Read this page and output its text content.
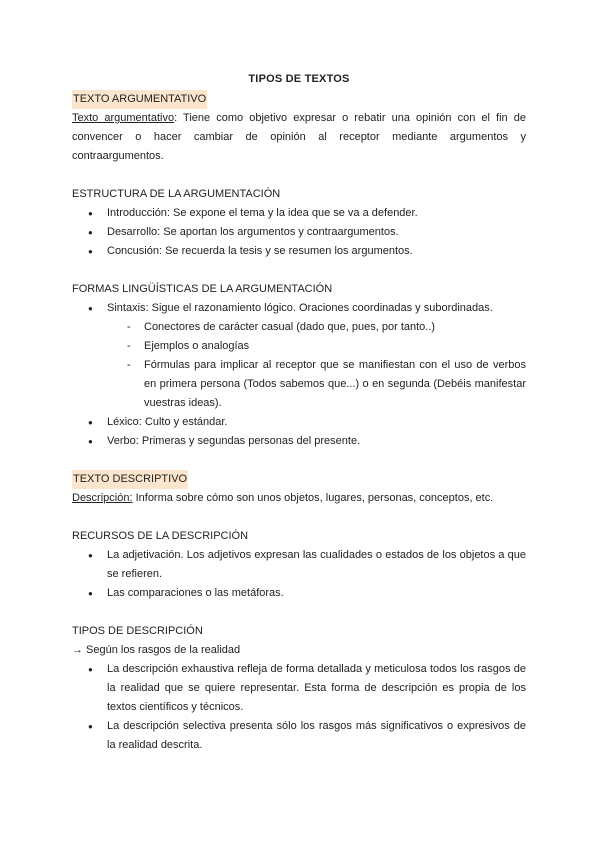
TIPOS DE TEXTOS

TEXTO ARGUMENTATIVO

Texto argumentativo: Tiene como objetivo expresar o rebatir una opinión con el fin de convencer o hacer cambiar de opinión al receptor mediante argumentos y contraargumentos.

ESTRUCTURA DE LA ARGUMENTACIÓN

● Introducción: Se expone el tema y la idea que se va a defender.
● Desarrollo: Se aportan los argumentos y contraargumentos.
● Concusión: Se recuerda la tesis y se resumen los argumentos.

FORMAS LINGÜÍSTICAS DE LA ARGUMENTACIÓN

● Sintaxis: Sigue el razonamiento lógico. Oraciones coordinadas y subordinadas.
- Conectores de carácter casual (dado que, pues, por tanto..)
- Ejemplos o analogías
- Fórmulas para implicar al receptor que se manifiestan con el uso de verbos en primera persona (Todos sabemos que...) o en segunda (Debéis manifestar vuestras ideas).
● Léxico: Culto y estándar.
● Verbo: Primeras y segundas personas del presente.

TEXTO DESCRIPTIVO

Descripción: Informa sobre cómo son unos objetos, lugares, personas, conceptos, etc.

RECURSOS DE LA DESCRIPCIÓN

● La adjetivación. Los adjetivos expresan las cualidades o estados de los objetos a que se refieren.
● Las comparaciones o las metáforas.

TIPOS DE DESCRIPCIÓN

→ Según los rasgos de la realidad

● La descripción exhaustiva refleja de forma detallada y meticulosa todos los rasgos de la realidad que se quiere representar. Esta forma de descripción es propia de los textos científicos y técnicos.
● La descripción selectiva presenta sólo los rasgos más significativos o expresivos de la realidad descrita.
